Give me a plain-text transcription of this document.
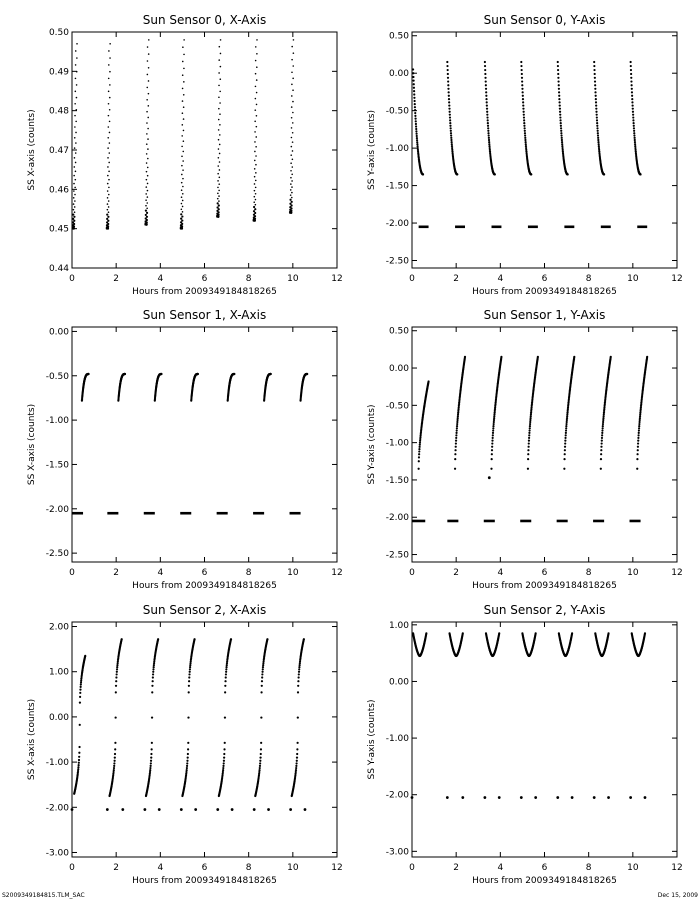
S2009349184815.TLM_SAC	Dec 15, 2009
Sun Sensor 0, X-Axis
0	2	4	6	8	10	12
0.44
0.45
0.46
0.47
0.48
0.49
0.50
Hours from 2009349184818265
SS X-axis (counts)
Sun Sensor 0, Y-Axis
0	2	4	6	8	10	12
-2.50
-2.00
-1.50
-1.00
-0.50
0.00
0.50
Hours from 2009349184818265
SS Y-axis (counts)
Sun Sensor 1, X-Axis
0	2	4	6	8	10	12
-2.50
-2.00
-1.50
-1.00
-0.50
0.00
Hours from 2009349184818265
SS X-axis (counts)
Sun Sensor 1, Y-Axis
0	2	4	6	8	10	12
-2.50
-2.00
-1.50
-1.00
-0.50
0.00
0.50
Hours from 2009349184818265
SS Y-axis (counts)
Sun Sensor 2, X-Axis
0	2	4	6	8	10	12
-3.00
-2.00
-1.00
0.00
1.00
2.00
Hours from 2009349184818265
SS X-axis (counts)
Sun Sensor 2, Y-Axis
0	2	4	6	8	10	12
-3.00
-2.00
-1.00
0.00
1.00
Hours from 2009349184818265
SS Y-axis (counts)
